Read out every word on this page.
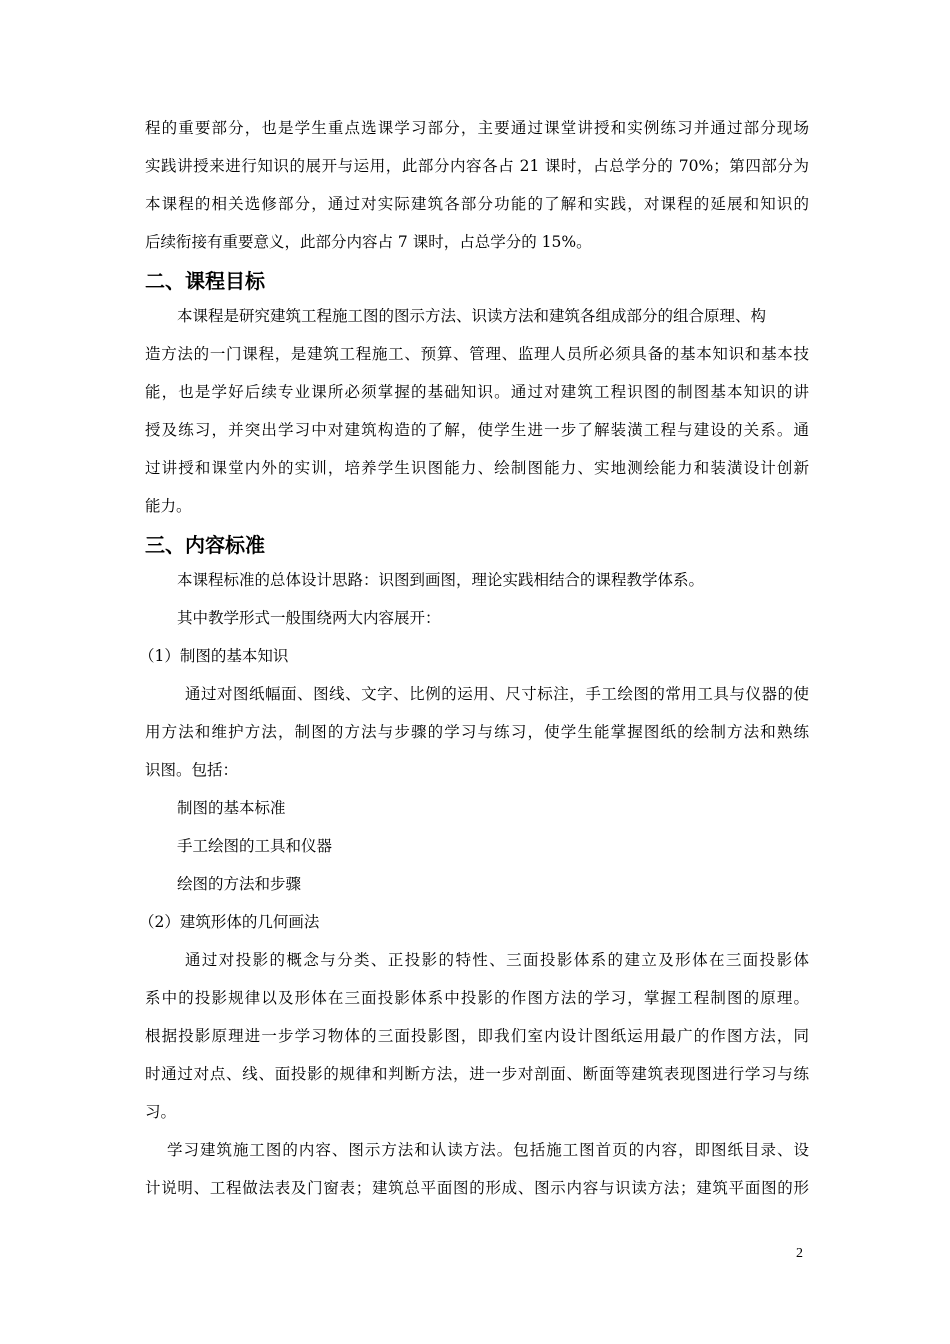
程的重要部分，也是学生重点选课学习部分，主要通过课堂讲授和实例练习并通过部分现场

实践讲授来进行知识的展开与运用，此部分内容各占 21 课时，占总学分的 70%；第四部分为

本课程的相关选修部分，通过对实际建筑各部分功能的了解和实践，对课程的延展和知识的

后续衔接有重要意义，此部分内容占 7 课时，占总学分的 15%。

二、课程目标

本课程是研究建筑工程施工图的图示方法、识读方法和建筑各组成部分的组合原理、构

造方法的一门课程，是建筑工程施工、预算、管理、监理人员所必须具备的基本知识和基本技

能，也是学好后续专业课所必须掌握的基础知识。通过对建筑工程识图的制图基本知识的讲

授及练习，并突出学习中对建筑构造的了解，使学生进一步了解装潢工程与建设的关系。通

过讲授和课堂内外的实训，培养学生识图能力、绘制图能力、实地测绘能力和装潢设计创新

能力。

三、内容标准

本课程标准的总体设计思路：识图到画图，理论实践相结合的课程教学体系。

其中教学形式一般围绕两大内容展开：

（1）制图的基本知识

通过对图纸幅面、图线、文字、比例的运用、尺寸标注，手工绘图的常用工具与仪器的使

用方法和维护方法，制图的方法与步骤的学习与练习，使学生能掌握图纸的绘制方法和熟练

识图。包括：

制图的基本标准

手工绘图的工具和仪器

绘图的方法和步骤

（2）建筑形体的几何画法

通过对投影的概念与分类、正投影的特性、三面投影体系的建立及形体在三面投影体

系中的投影规律以及形体在三面投影体系中投影的作图方法的学习，掌握工程制图的原理。

根据投影原理进一步学习物体的三面投影图，即我们室内设计图纸运用最广的作图方法，同

时通过对点、线、面投影的规律和判断方法，进一步对剖面、断面等建筑表现图进行学习与练

习。

学习建筑施工图的内容、图示方法和认读方法。包括施工图首页的内容，即图纸目录、设

计说明、工程做法表及门窗表；建筑总平面图的形成、图示内容与识读方法；建筑平面图的形

2
